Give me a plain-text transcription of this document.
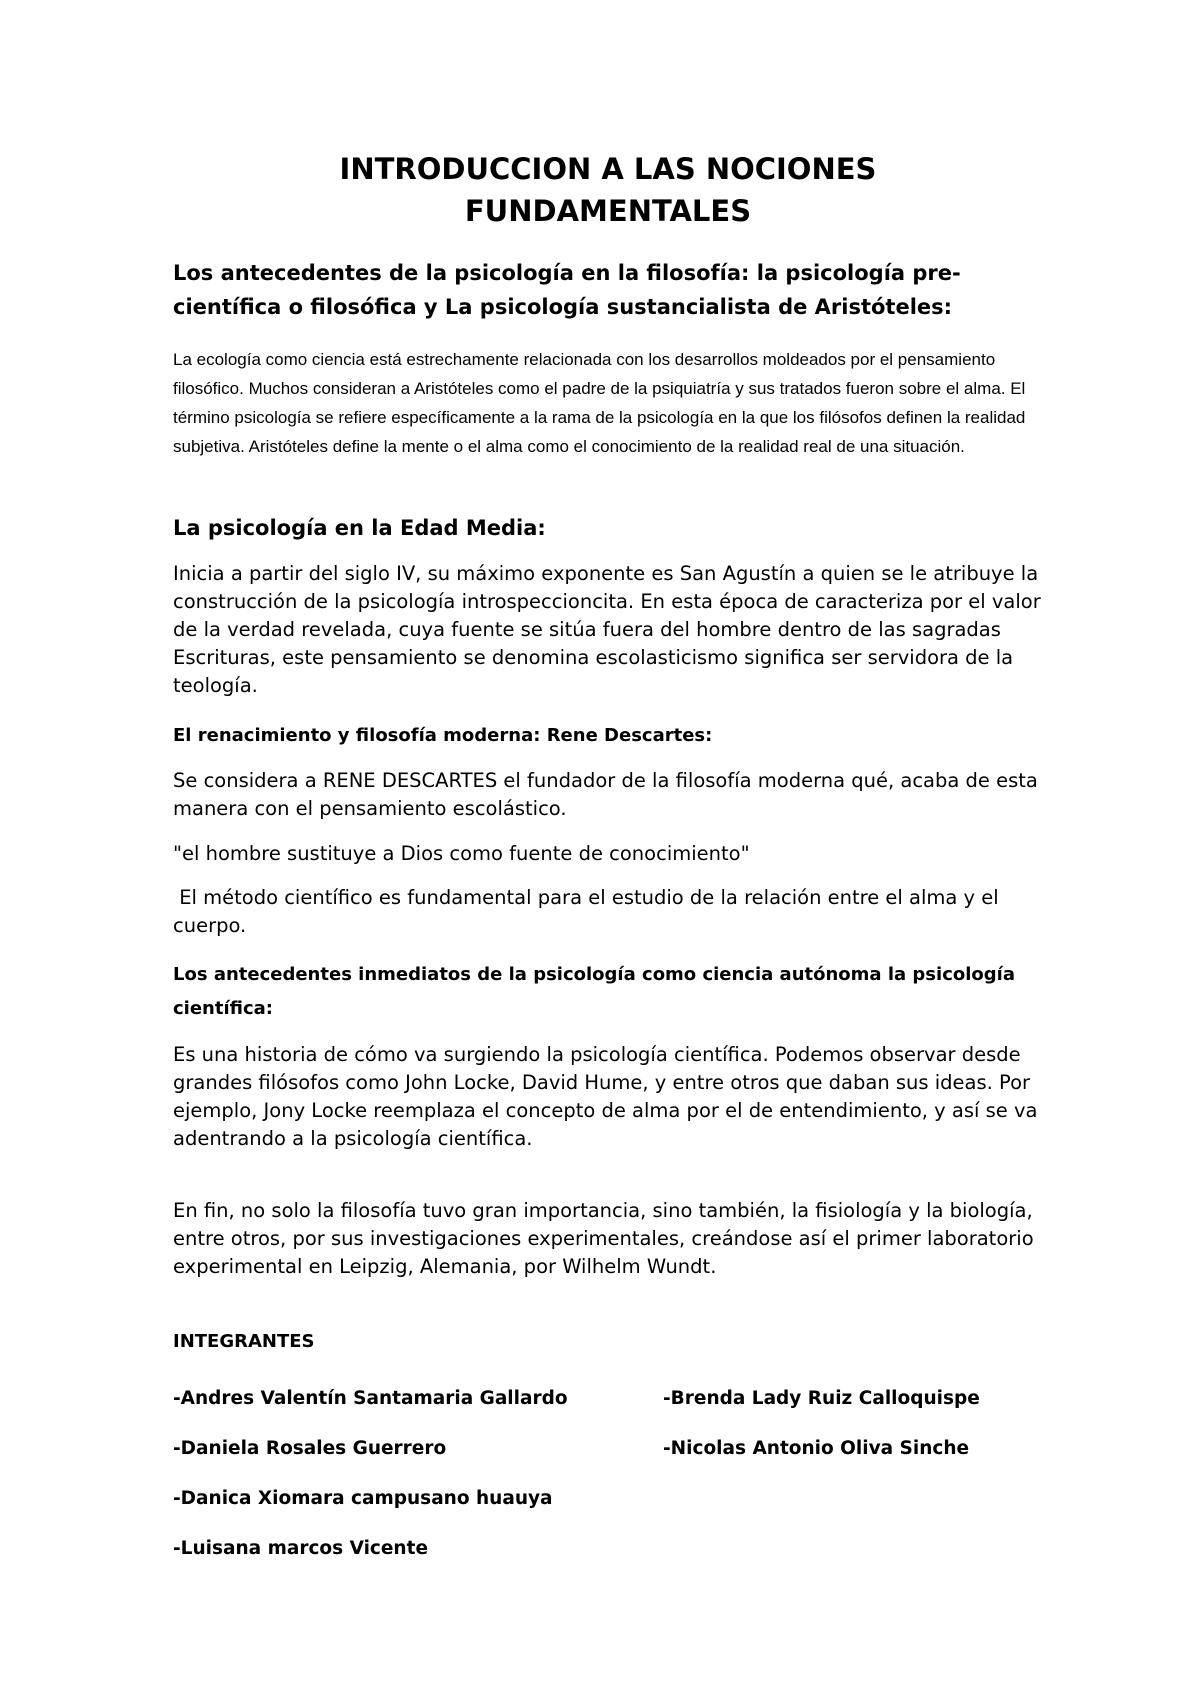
INTRODUCCION A LAS NOCIONES
FUNDAMENTALES
Los antecedentes de la psicología en la filosofía: la psicología pre-científica o filosófica y La psicología sustancialista de Aristóteles:

La ecología como ciencia está estrechamente relacionada con los desarrollos moldeados por el pensamiento filosófico. Muchos consideran a Aristóteles como el padre de la psiquiatría y sus tratados fueron sobre el alma. El término psicología se refiere específicamente a la rama de la psicología en la que los filósofos definen la realidad subjetiva. Aristóteles define la mente o el alma como el conocimiento de la realidad real de una situación.

La psicología en la Edad Media:

Inicia a partir del siglo IV, su máximo exponente es San Agustín a quien se le atribuye la construcción de la psicología introspeccioncita. En esta época de caracteriza por el valor de la verdad revelada, cuya fuente se sitúa fuera del hombre dentro de las sagradas Escrituras, este pensamiento se denomina escolasticismo significa ser servidora de la teología.

El renacimiento y filosofía moderna: Rene Descartes:

Se considera a RENE DESCARTES el fundador de la filosofía moderna qué, acaba de esta manera con el pensamiento escolástico.

"el hombre sustituye a Dios como fuente de conocimiento"

El método científico es fundamental para el estudio de la relación entre el alma y el cuerpo.

Los antecedentes inmediatos de la psicología como ciencia autónoma la psicología científica:

Es una historia de cómo va surgiendo la psicología científica. Podemos observar desde grandes filósofos como John Locke, David Hume, y entre otros que daban sus ideas. Por ejemplo, Jony Locke reemplaza el concepto de alma por el de entendimiento, y así se va adentrando a la psicología científica.

En fin, no solo la filosofía tuvo gran importancia, sino también, la fisiología y la biología, entre otros, por sus investigaciones experimentales, creándose así el primer laboratorio experimental en Leipzig, Alemania, por Wilhelm Wundt.

INTEGRANTES

-Andres Valentín Santamaria Gallardo	-Brenda Lady Ruiz Calloquispe

-Daniela Rosales Guerrero	-Nicolas Antonio Oliva Sinche

-Danica Xiomara campusano huauya

-Luisana marcos Vicente
